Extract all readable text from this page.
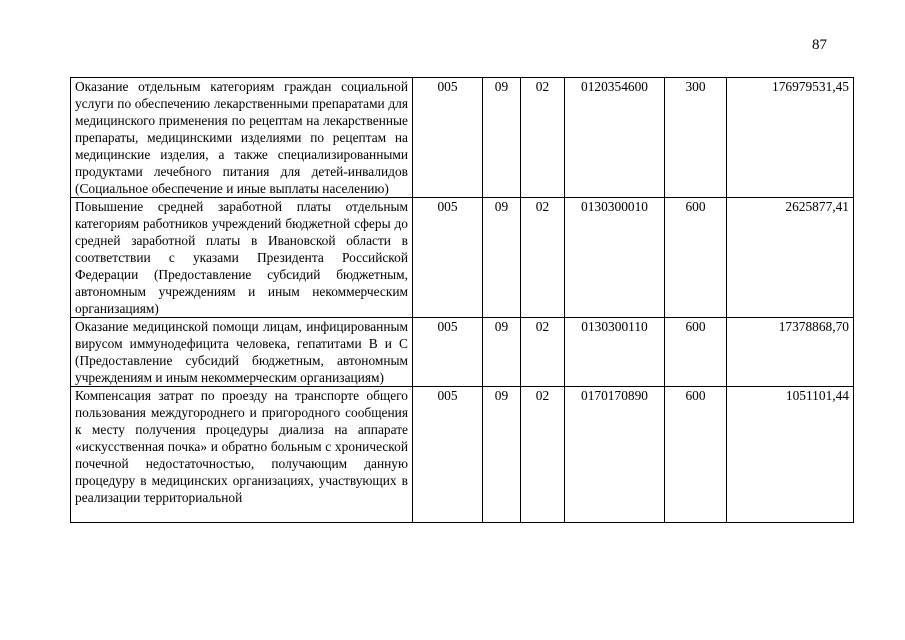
87
Оказание отдельным категориям граждан социальной услуги по обеспечению лекарственными препаратами для медицинского применения по рецептам на лекарственные препараты, медицинскими изделиями по рецептам на медицинские изделия, а также специализированными продуктами лечебного питания для детей-инвалидов (Социальное обеспечение и иные выплаты населению)	005	09	02	0120354600	300	176979531,45
Повышение средней заработной платы отдельным категориям работников учреждений бюджетной сферы до средней заработной платы в Ивановской области в соответствии с указами Президента Российской Федерации (Предоставление субсидий бюджетным, автономным учреждениям и иным некоммерческим организациям)	005	09	02	0130300010	600	2625877,41
Оказание медицинской помощи лицам, инфицированным вирусом иммунодефицита человека, гепатитами В и С (Предоставление субсидий бюджетным, автономным учреждениям и иным некоммерческим организациям)	005	09	02	0130300110	600	17378868,70

Компенсация затрат по проезду на транспорте общего пользования междугороднего и пригородного сообщения к месту получения процедуры диализа на аппарате «искусственная почка» и обратно больным с хронической почечной недостаточностью, получающим данную процедуру в медицинских организациях, участвующих в реализации территориальной	005	09	02	0170170890	600	1051101,44
